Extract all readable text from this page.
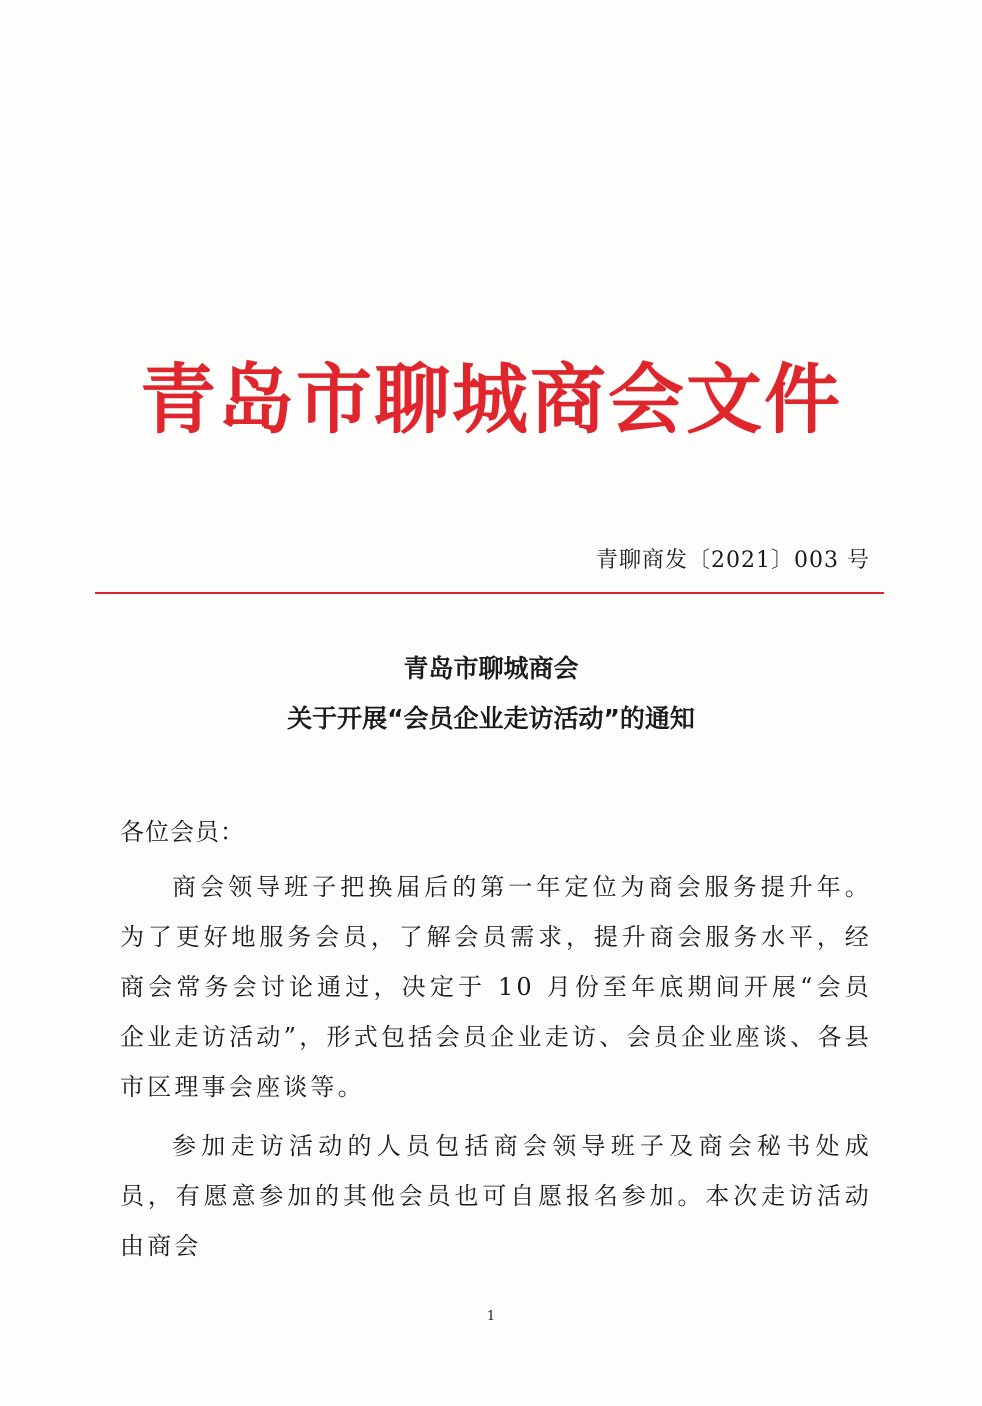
青岛市聊城商会文件
青聊商发〔2021〕003 号
青岛市聊城商会
关于开展“会员企业走访活动”的通知
各位会员：
商会领导班子把换届后的第一年定位为商会服务提升年。为了更好地服务会员，了解会员需求，提升商会服务水平，经商会常务会讨论通过，决定于 10 月份至年底期间开展“会员企业走访活动”，形式包括会员企业走访、会员企业座谈、各县市区理事会座谈等。
参加走访活动的人员包括商会领导班子及商会秘书处成员，有愿意参加的其他会员也可自愿报名参加。本次走访活动由商会
1
